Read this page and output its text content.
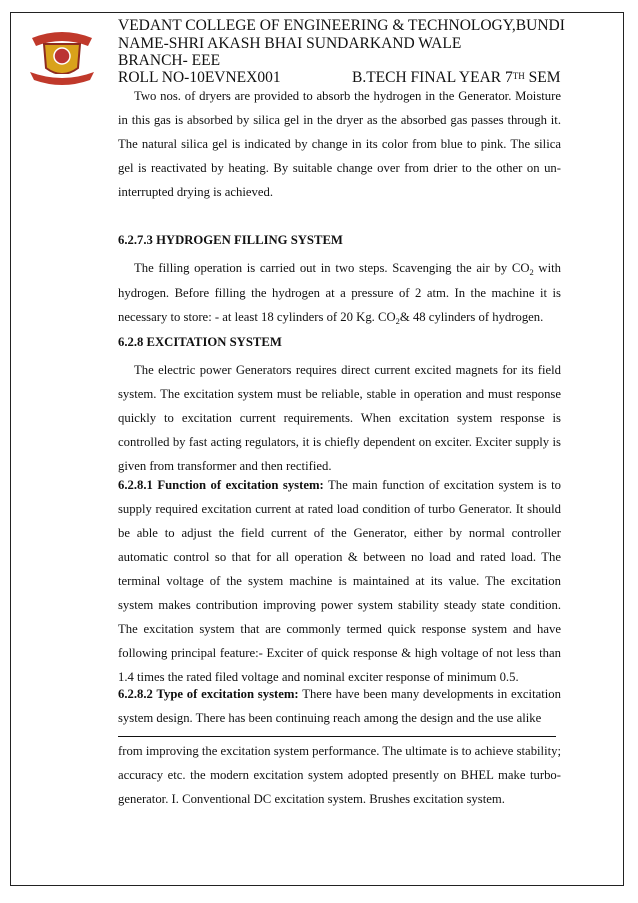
VEDANT COLLEGE OF ENGINEERING & TECHNOLOGY,BUNDI
NAME-SHRI AKASH BHAI SUNDARKAND WALE
BRANCH- EEE
ROLL NO-10EVNEX001	B.TECH FINAL YEAR 7TH SEM

Two nos. of dryers are provided to absorb the hydrogen in the Generator. Moisture in this gas is absorbed by silica gel in the dryer as the absorbed gas passes through it. The natural silica gel is indicated by change in its color from blue to pink. The silica gel is reactivated by heating. By suitable change over from drier to the other on un-interrupted drying is achieved.

6.2.7.3 HYDROGEN FILLING SYSTEM

The filling operation is carried out in two steps. Scavenging the air by $CO_2$ with hydrogen. Before filling the hydrogen at a pressure of 2 atm. In the machine it is necessary to store: - at least 18 cylinders of 20 Kg. $CO_2\&$ 48 cylinders of hydrogen.

6.2.8 EXCITATION SYSTEM

The electric power Generators requires direct current excited magnets for its field system. The excitation system must be reliable, stable in operation and must response quickly to excitation current requirements. When excitation system response is controlled by fast acting regulators, it is chiefly dependent on exciter. Exciter supply is given from transformer and then rectified.

6.2.8.1 Function of excitation system: The main function of excitation system is to supply required excitation current at rated load condition of turbo Generator. It should be able to adjust the field current of the Generator, either by normal controller automatic control so that for all operation & between no load and rated load. The terminal voltage of the system machine is maintained at its value. The excitation system makes contribution improving power system stability steady state condition. The excitation system that are commonly termed quick response system and have following principal feature:- Exciter of quick response & high voltage of not less than 1.4 times the rated filed voltage and nominal exciter response of minimum 0.5.

6.2.8.2 Type of excitation system: There have been many developments in excitation system design. There has been continuing reach among the design and the use alike

from improving the excitation system performance. The ultimate is to achieve stability; accuracy etc. the modern excitation system adopted presently on BHEL make turbo-generator. I. Conventional DC excitation system. Brushes excitation system.
